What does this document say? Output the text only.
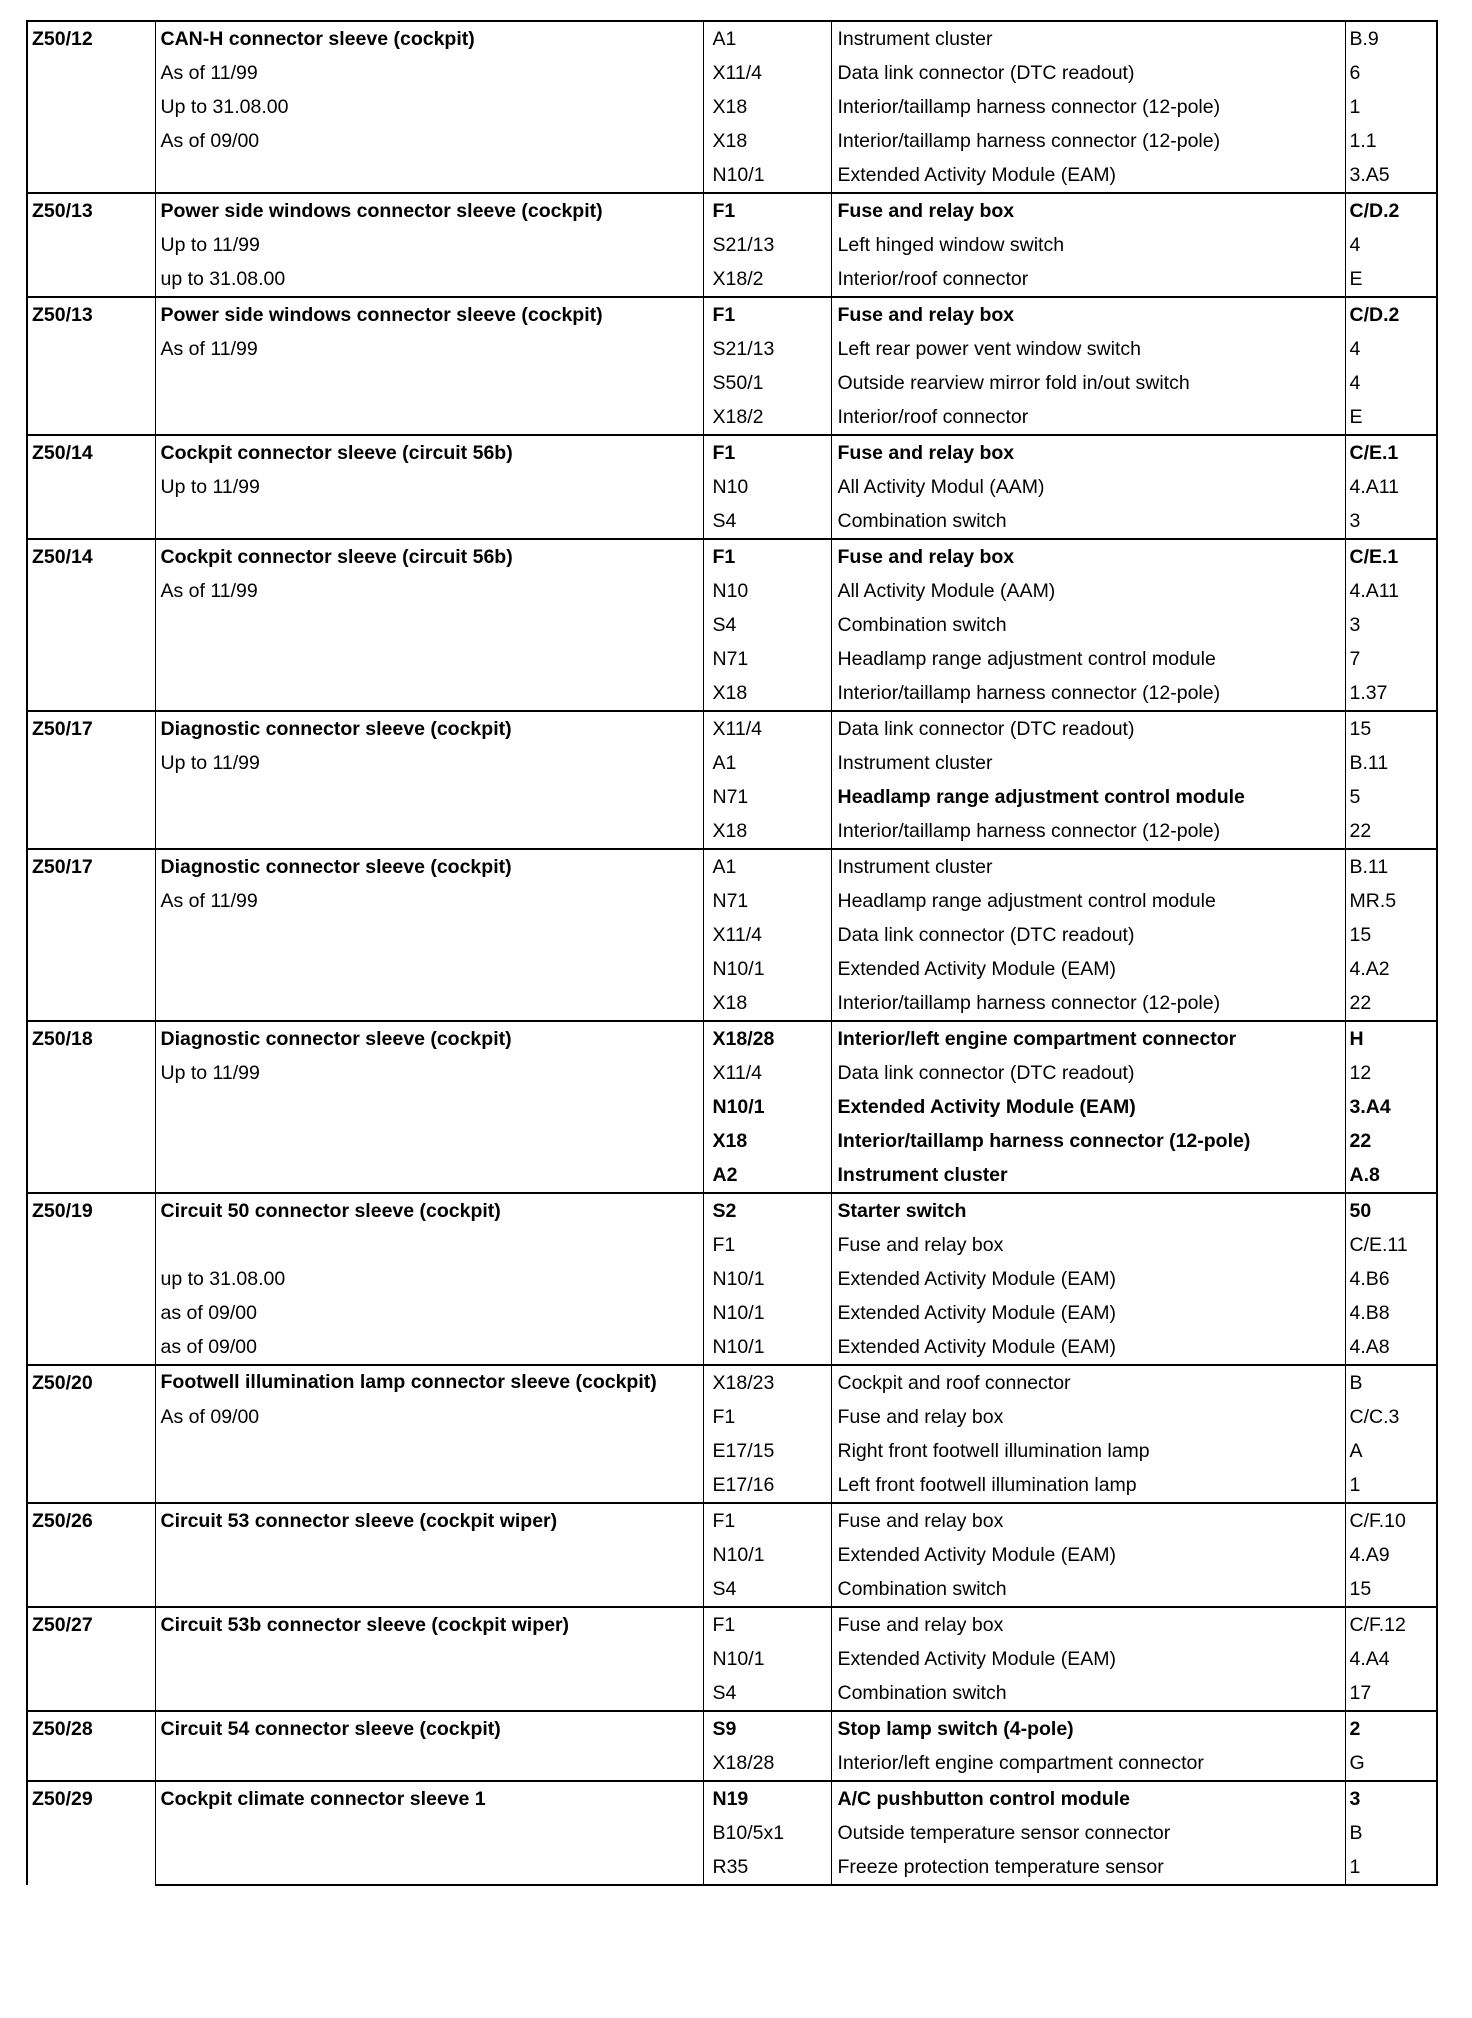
Z50/12	CAN-H connector sleeve (cockpit)	A1	Instrument cluster	B.9
	As of 11/99	X11/4	Data link connector (DTC readout)	6
	Up to 31.08.00	X18	Interior/taillamp harness connector (12-pole)	1
	As of 09/00	X18	Interior/taillamp harness connector (12-pole)	1.1
		N10/1	Extended Activity Module (EAM)	3.A5
Z50/13	Power side windows connector sleeve (cockpit)	F1	Fuse and relay box	C/D.2
	Up to 11/99	S21/13	Left hinged window switch	4
	up to 31.08.00	X18/2	Interior/roof connector	E
Z50/13	Power side windows connector sleeve (cockpit)	F1	Fuse and relay box	C/D.2
	As of 11/99	S21/13	Left rear power vent window switch	4
		S50/1	Outside rearview mirror fold in/out switch	4
		X18/2	Interior/roof connector	E
Z50/14	Cockpit connector sleeve (circuit 56b)	F1	Fuse and relay box	C/E.1
	Up to 11/99	N10	All Activity Modul (AAM)	4.A11
		S4	Combination switch	3
Z50/14	Cockpit connector sleeve (circuit 56b)	F1	Fuse and relay box	C/E.1
	As of 11/99	N10	All Activity Module (AAM)	4.A11
		S4	Combination switch	3
		N71	Headlamp range adjustment control module	7
		X18	Interior/taillamp harness connector (12-pole)	1.37
Z50/17	Diagnostic connector sleeve (cockpit)	X11/4	Data link connector (DTC readout)	15
	Up to 11/99	A1	Instrument cluster	B.11
		N71	Headlamp range adjustment control module	5
		X18	Interior/taillamp harness connector (12-pole)	22
Z50/17	Diagnostic connector sleeve (cockpit)	A1	Instrument cluster	B.11
	As of 11/99	N71	Headlamp range adjustment control module	MR.5
		X11/4	Data link connector (DTC readout)	15
		N10/1	Extended Activity Module (EAM)	4.A2
		X18	Interior/taillamp harness connector (12-pole)	22
Z50/18	Diagnostic connector sleeve (cockpit)	X18/28	Interior/left engine compartment connector	H
	Up to 11/99	X11/4	Data link connector (DTC readout)	12
		N10/1	Extended Activity Module (EAM)	3.A4
		X18	Interior/taillamp harness connector (12-pole)	22
		A2	Instrument cluster	A.8
Z50/19	Circuit 50 connector sleeve (cockpit)	S2	Starter switch	50
		F1	Fuse and relay box	C/E.11
	up to 31.08.00	N10/1	Extended Activity Module (EAM)	4.B6
	as of 09/00	N10/1	Extended Activity Module (EAM)	4.B8
	as of 09/00	N10/1	Extended Activity Module (EAM)	4.A8
Z50/20	Footwell illumination lamp connector sleeve (cockpit)	X18/23	Cockpit and roof connector	B
	As of 09/00	F1	Fuse and relay box	C/C.3
		E17/15	Right front footwell illumination lamp	A
		E17/16	Left front footwell illumination lamp	1
Z50/26	Circuit 53 connector sleeve (cockpit wiper)	F1	Fuse and relay box	C/F.10
		N10/1	Extended Activity Module (EAM)	4.A9
		S4	Combination switch	15
Z50/27	Circuit 53b connector sleeve (cockpit wiper)	F1	Fuse and relay box	C/F.12
		N10/1	Extended Activity Module (EAM)	4.A4
		S4	Combination switch	17
Z50/28	Circuit 54 connector sleeve (cockpit)	S9	Stop lamp switch (4-pole)	2
		X18/28	Interior/left engine compartment connector	G
Z50/29	Cockpit climate connector sleeve 1	N19	A/C pushbutton control module	3
		B10/5x1	Outside temperature sensor connector	B
		R35	Freeze protection temperature sensor	1
